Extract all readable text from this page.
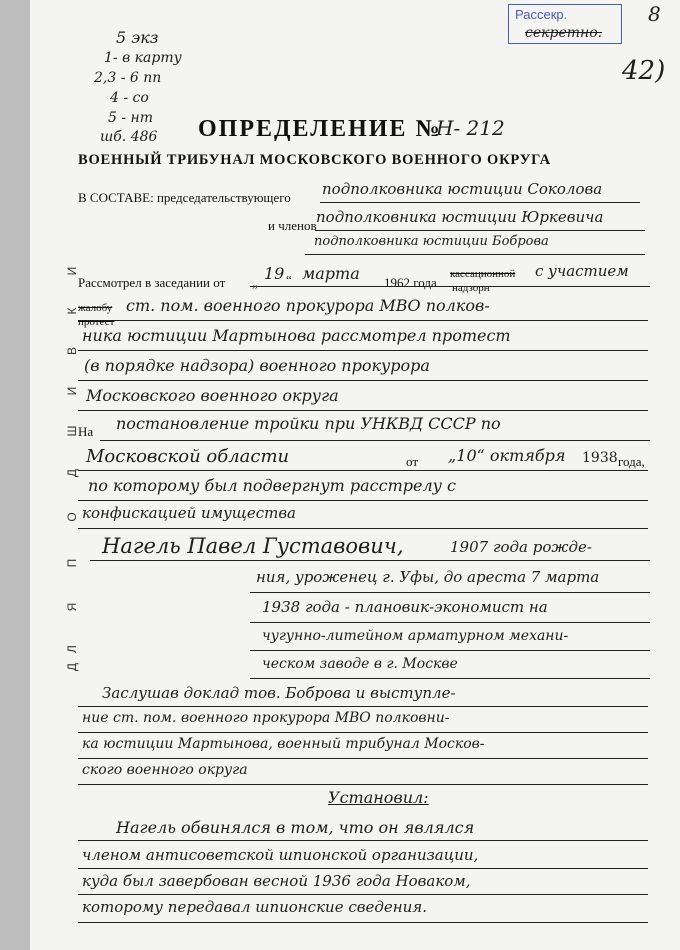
Рассекр.
секретно.
8
42)
5 экз
1- в карту
2,3 - 6 пп
4 - со
5 - нт
шб. 486 ОПРЕДЕЛЕНИЕ №
Н- 212
ВОЕННЫЙ ТРИБУНАЛ МОСКОВСКОГО ВОЕННОГО ОКРУГА
В СОСТАВЕ: председательствующего подполковника юстиции Соколова
и членов подполковника юстиции Юркевича
подполковника юстиции Боброва
Рассмотрел в заседании от „ 19 “ марта 1962 года
кассационной
надзорн
с участием
жалобу
протест
ст. пом. военного прокурора МВО полков-
ника юстиции Мартынова рассмотрел протест
(в порядке надзора) военного прокурора
Московского военного округа
На постановление тройки при УНКВД СССР по
Московской области	от „10“ октября 1938 года,
по которому был подвергнут расстрелу с
конфискацией имущества
Нагель Павел Густавович,	1907 года рожде-
ния, уроженец г. Уфы, до ареста 7 марта
1938 года - плановик-экономист на
чугунно-литейном арматурном механи-
ческом заводе в г. Москве
Заслушав доклад тов. Боброва и выступле-
ние ст. пом. военного прокурора МВО полковни-
ка юстиции Мартынова, военный трибунал Москов-
ского военного округа
Установил:
Нагель обвинялся в том, что он являлся
членом антисоветской шпионской организации,
куда был завербован весной 1936 года Новаком,
которому передавал шпионские сведения.
Д
Л
Я
П
О
Д
Ш
И
В
К
И
